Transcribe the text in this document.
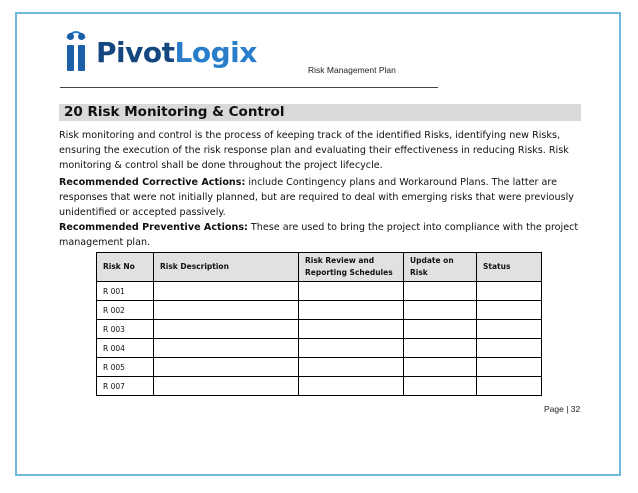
PivotLogix
Risk Management Plan
20 Risk Monitoring & Control
Risk monitoring and control is the process of keeping track of the identified Risks, identifying new Risks, ensuring the execution of the risk response plan and evaluating their effectiveness in reducing Risks. Risk monitoring & control shall be done throughout the project lifecycle.
Recommended Corrective Actions: include Contingency plans and Workaround Plans. The latter are responses that were not initially planned, but are required to deal with emerging risks that were previously unidentified or accepted passively.
Recommended Preventive Actions: These are used to bring the project into compliance with the project management plan.
Risk No	Risk Description	Risk Review and Reporting Schedules	Update on Risk	Status
R 001				
R 002				
R 003				
R 004				
R 005				
R 007				
Page | 32
